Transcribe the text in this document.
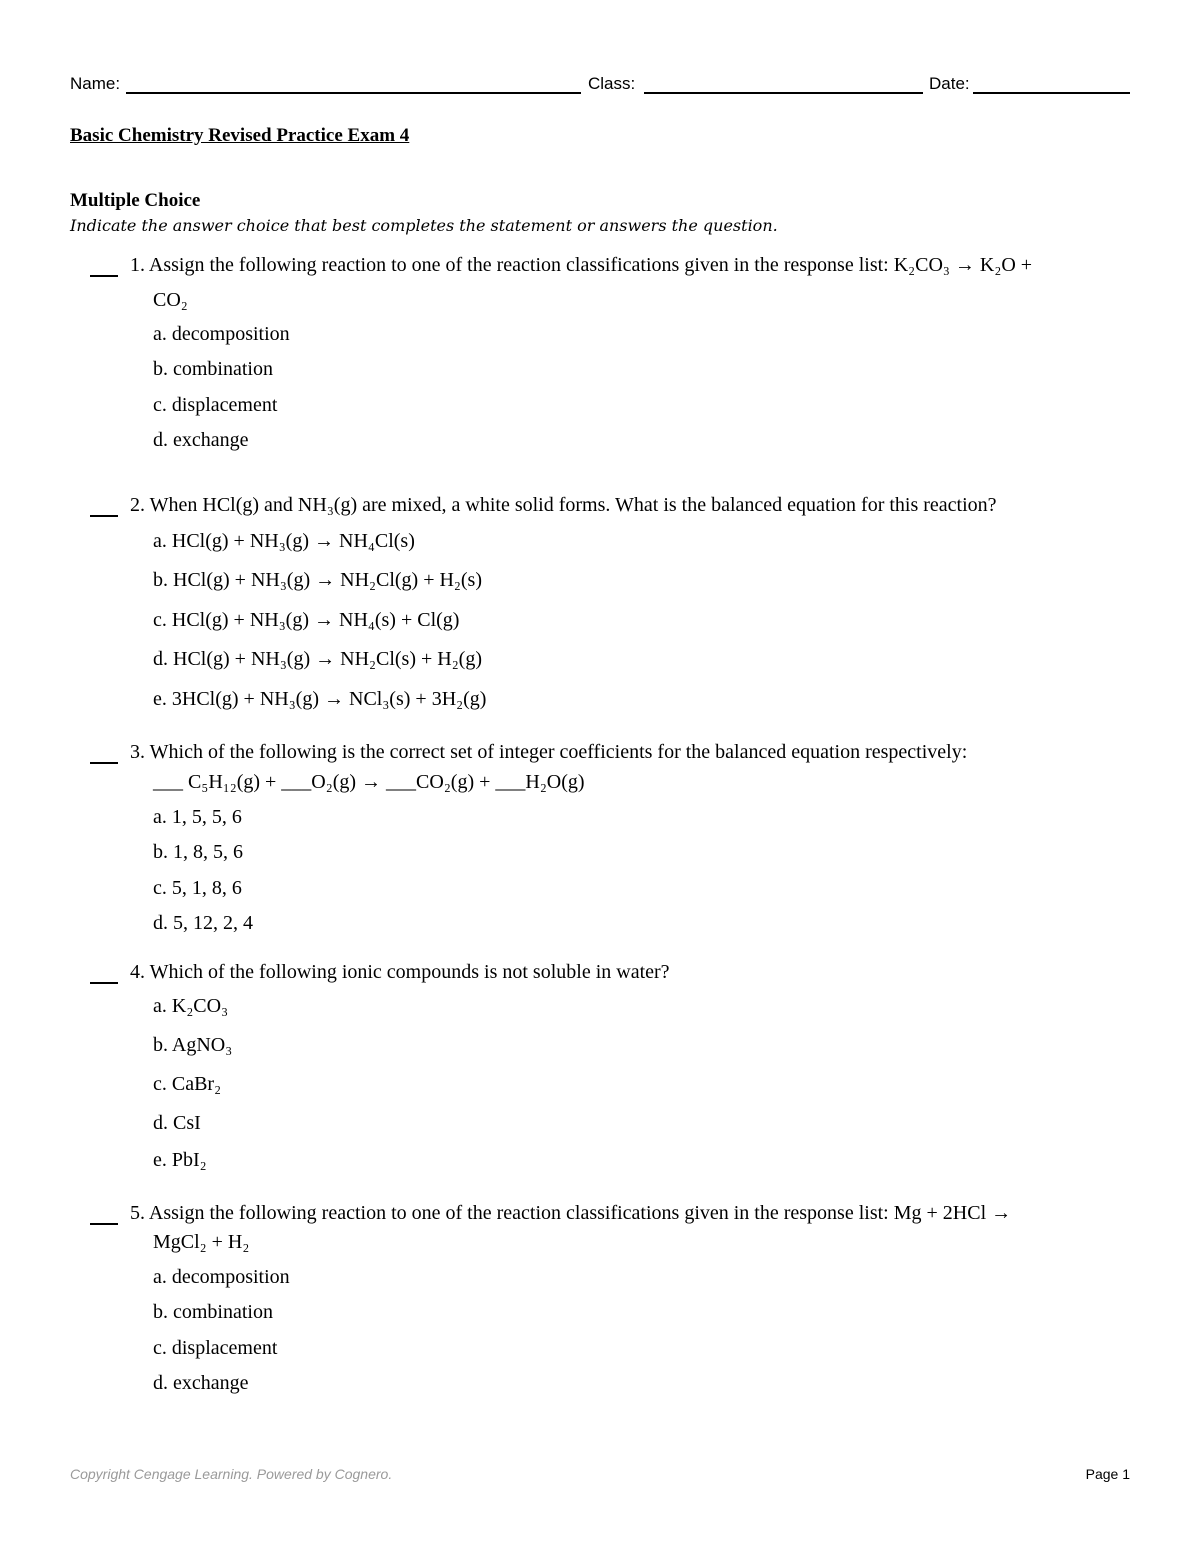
Name:	Class:	Date:
Basic Chemistry Revised Practice Exam 4
Multiple Choice
Indicate the answer choice that best completes the statement or answers the question.
1. Assign the following reaction to one of the reaction classifications given in the response list: K₂CO₃ → K₂O +
CO₂
a. decomposition
b. combination
c. displacement
d. exchange
2. When HCl(g) and NH₃(g) are mixed, a white solid forms. What is the balanced equation for this reaction?
a. HCl(g) + NH₃(g) → NH₄Cl(s)
b. HCl(g) + NH₃(g) → NH₂Cl(g) + H₂(s)
c. HCl(g) + NH₃(g) → NH₄(s) + Cl(g)
d. HCl(g) + NH₃(g) → NH₂Cl(s) + H₂(g)
e. 3HCl(g) + NH₃(g) → NCl₃(s) + 3H₂(g)
3. Which of the following is the correct set of integer coefficients for the balanced equation respectively:
___ C₅H₁₂(g) + ___O₂(g) → ___CO₂(g) + ___H₂O(g)
a. 1, 5, 5, 6
b. 1, 8, 5, 6
c. 5, 1, 8, 6
d. 5, 12, 2, 4
4. Which of the following ionic compounds is not soluble in water?
a. K₂CO₃
b. AgNO₃
c. CaBr₂
d. CsI
e. PbI₂
5. Assign the following reaction to one of the reaction classifications given in the response list: Mg + 2HCl →
MgCl₂ + H₂
a. decomposition
b. combination
c. displacement
d. exchange
Copyright Cengage Learning. Powered by Cognero.	Page 1
